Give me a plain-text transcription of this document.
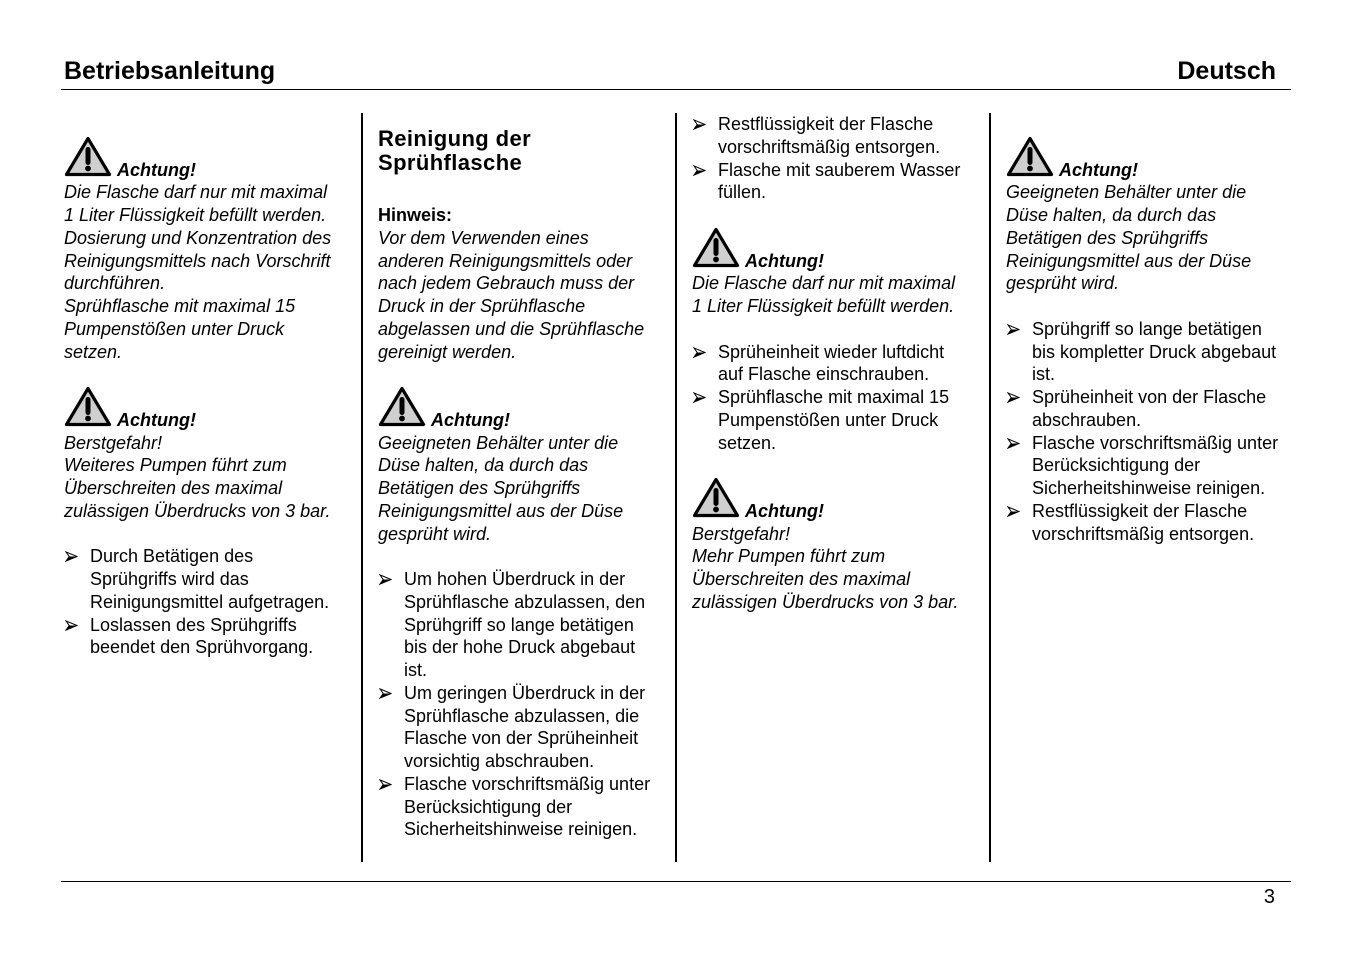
Betriebsanleitung	Deutsch
Achtung!
Die Flasche darf nur mit maximal
1 Liter Flüssigkeit befüllt werden.
Dosierung und Konzentration des
Reinigungsmittels nach Vorschrift
durchführen.
Sprühflasche mit maximal 15
Pumpenstößen unter Druck
setzen.
Achtung!
Berstgefahr!
Weiteres Pumpen führt zum
Überschreiten des maximal
zulässigen Überdrucks von 3 bar.
Durch Betätigen des
Sprühgriffs wird das
Reinigungsmittel aufgetragen.
Loslassen des Sprühgriffs
beendet den Sprühvorgang.
Reinigung der
Sprühflasche
Hinweis:
Vor dem Verwenden eines
anderen Reinigungsmittels oder
nach jedem Gebrauch muss der
Druck in der Sprühflasche
abgelassen und die Sprühflasche
gereinigt werden.
Achtung!
Geeigneten Behälter unter die
Düse halten, da durch das
Betätigen des Sprühgriffs
Reinigungsmittel aus der Düse
gesprüht wird.
Um hohen Überdruck in der
Sprühflasche abzulassen, den
Sprühgriff so lange betätigen
bis der hohe Druck abgebaut
ist.
Um geringen Überdruck in der
Sprühflasche abzulassen, die
Flasche von der Sprüheinheit
vorsichtig abschrauben.
Flasche vorschriftsmäßig unter
Berücksichtigung der
Sicherheitshinweise reinigen.
Restflüssigkeit der Flasche
vorschriftsmäßig entsorgen.
Flasche mit sauberem Wasser
füllen.
Achtung!
Die Flasche darf nur mit maximal
1 Liter Flüssigkeit befüllt werden.
Sprüheinheit wieder luftdicht
auf Flasche einschrauben.
Sprühflasche mit maximal 15
Pumpenstößen unter Druck
setzen.
Achtung!
Berstgefahr!
Mehr Pumpen führt zum
Überschreiten des maximal
zulässigen Überdrucks von 3 bar.
Achtung!
Geeigneten Behälter unter die
Düse halten, da durch das
Betätigen des Sprühgriffs
Reinigungsmittel aus der Düse
gesprüht wird.
Sprühgriff so lange betätigen
bis kompletter Druck abgebaut
ist.
Sprüheinheit von der Flasche
abschrauben.
Flasche vorschriftsmäßig unter
Berücksichtigung der
Sicherheitshinweise reinigen.
Restflüssigkeit der Flasche
vorschriftsmäßig entsorgen.
3
